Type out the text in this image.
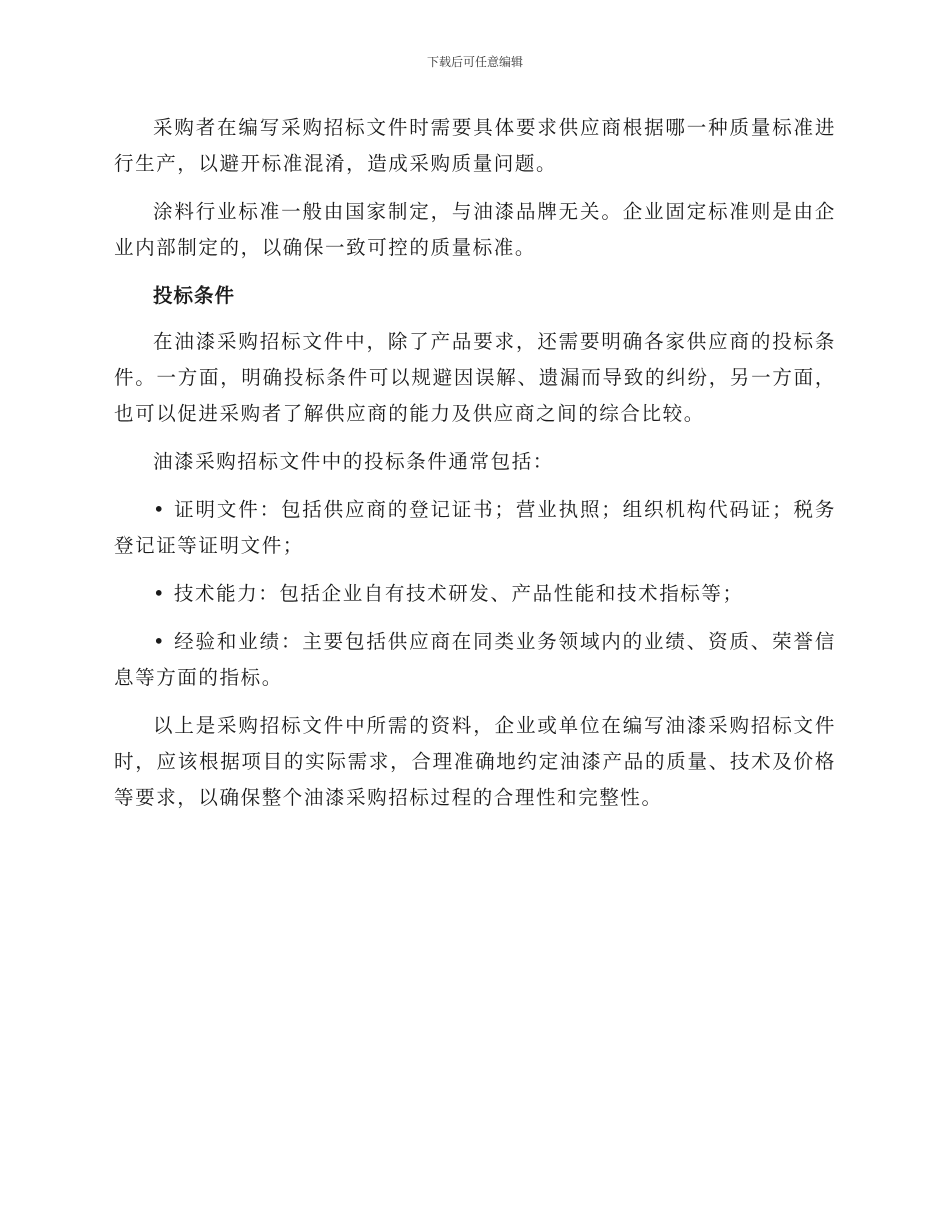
下载后可任意编辑

采购者在编写采购招标文件时需要具体要求供应商根据哪一种质量标准进行生产，以避开标准混淆，造成采购质量问题。

涂料行业标准一般由国家制定，与油漆品牌无关。企业固定标准则是由企业内部制定的，以确保一致可控的质量标准。

投标条件

在油漆采购招标文件中，除了产品要求，还需要明确各家供应商的投标条件。一方面，明确投标条件可以规避因误解、遗漏而导致的纠纷，另一方面，也可以促进采购者了解供应商的能力及供应商之间的综合比较。

油漆采购招标文件中的投标条件通常包括：

• 证明文件：包括供应商的登记证书；营业执照；组织机构代码证；税务登记证等证明文件；

• 技术能力：包括企业自有技术研发、产品性能和技术指标等；

• 经验和业绩：主要包括供应商在同类业务领域内的业绩、资质、荣誉信息等方面的指标。

以上是采购招标文件中所需的资料，企业或单位在编写油漆采购招标文件时，应该根据项目的实际需求，合理准确地约定油漆产品的质量、技术及价格等要求，以确保整个油漆采购招标过程的合理性和完整性。
